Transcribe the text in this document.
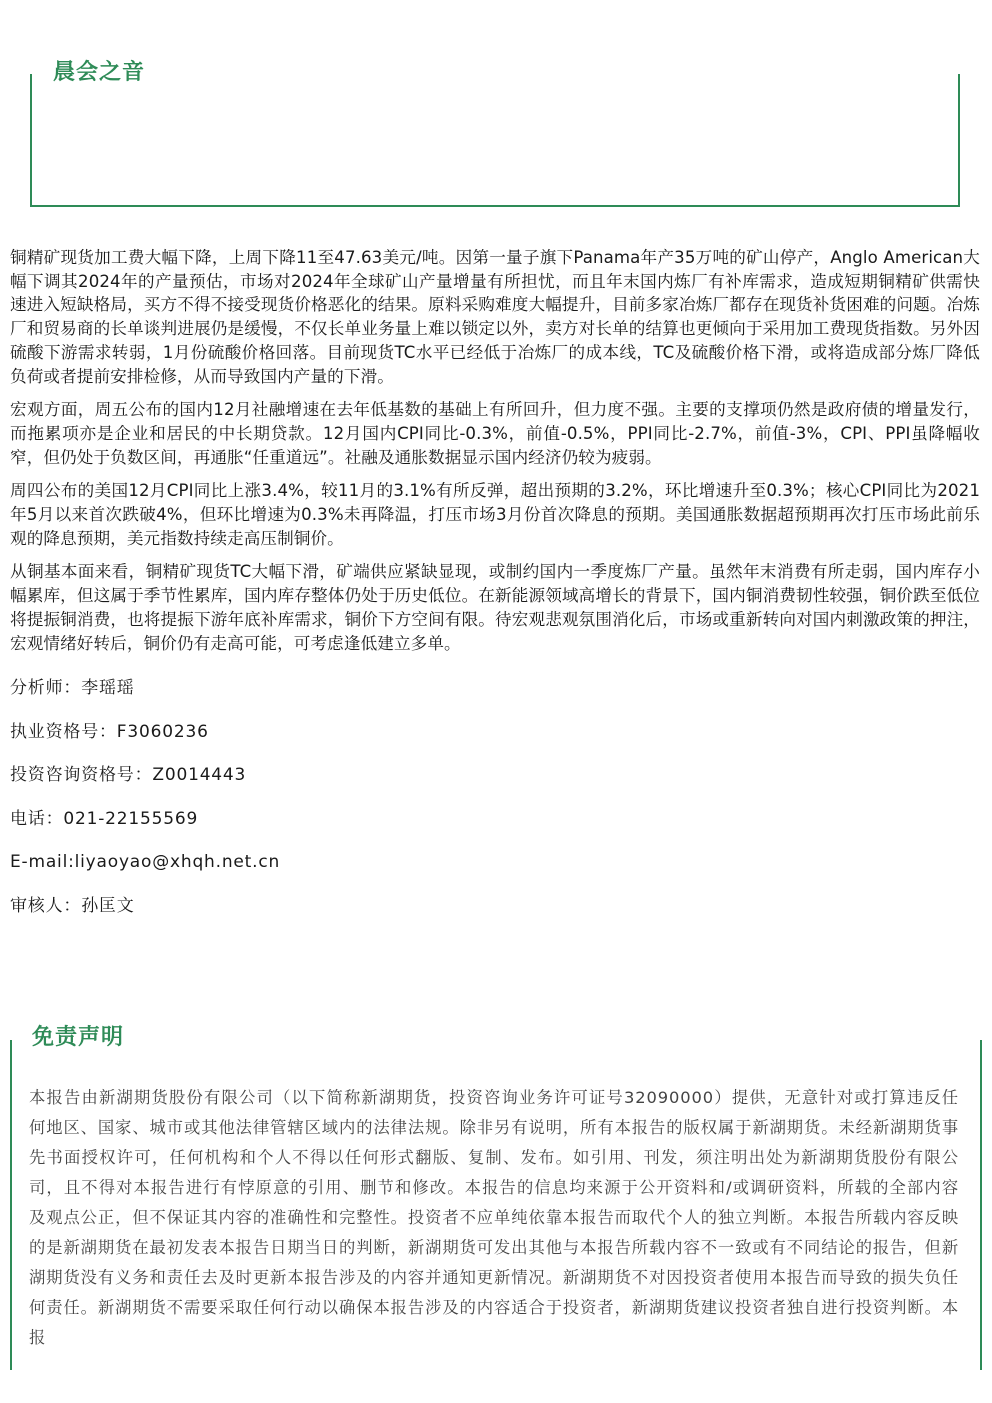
晨会之音

铜精矿现货加工费大幅下降，上周下降11至47.63美元/吨。因第一量子旗下Panama年产35万吨的矿山停产，Anglo American大幅下调其2024年的产量预估，市场对2024年全球矿山产量增量有所担忧，而且年末国内炼厂有补库需求，造成短期铜精矿供需快速进入短缺格局，买方不得不接受现货价格恶化的结果。原料采购难度大幅提升，目前多家冶炼厂都存在现货补货困难的问题。冶炼厂和贸易商的长单谈判进展仍是缓慢，不仅长单业务量上难以锁定以外，卖方对长单的结算也更倾向于采用加工费现货指数。另外因硫酸下游需求转弱，1月份硫酸价格回落。目前现货TC水平已经低于冶炼厂的成本线，TC及硫酸价格下滑，或将造成部分炼厂降低负荷或者提前安排检修，从而导致国内产量的下滑。

宏观方面，周五公布的国内12月社融增速在去年低基数的基础上有所回升，但力度不强。主要的支撑项仍然是政府债的增量发行，而拖累项亦是企业和居民的中长期贷款。12月国内CPI同比-0.3%，前值-0.5%，PPI同比-2.7%，前值-3%，CPI、PPI虽降幅收窄，但仍处于负数区间，再通胀“任重道远”。社融及通胀数据显示国内经济仍较为疲弱。

周四公布的美国12月CPI同比上涨3.4%，较11月的3.1%有所反弹，超出预期的3.2%，环比增速升至0.3%；核心CPI同比为2021年5月以来首次跌破4%，但环比增速为0.3%未再降温，打压市场3月份首次降息的预期。美国通胀数据超预期再次打压市场此前乐观的降息预期，美元指数持续走高压制铜价。

从铜基本面来看，铜精矿现货TC大幅下滑，矿端供应紧缺显现，或制约国内一季度炼厂产量。虽然年末消费有所走弱，国内库存小幅累库，但这属于季节性累库，国内库存整体仍处于历史低位。在新能源领域高增长的背景下，国内铜消费韧性较强，铜价跌至低位将提振铜消费，也将提振下游年底补库需求，铜价下方空间有限。待宏观悲观氛围消化后，市场或重新转向对国内刺激政策的押注，宏观情绪好转后，铜价仍有走高可能，可考虑逢低建立多单。

分析师：李瑶瑶
执业资格号：F3060236
投资咨询资格号：Z0014443
电话：021-22155569
E-mail:liyaoyao@xhqh.net.cn
审核人：孙匡文
免责声明
本报告由新湖期货股份有限公司（以下简称新湖期货，投资咨询业务许可证号32090000）提供，无意针对或打算违反任何地区、国家、城市或其他法律管辖区域内的法律法规。除非另有说明，所有本报告的版权属于新湖期货。未经新湖期货事先书面授权许可，任何机构和个人不得以任何形式翻版、复制、发布。如引用、刊发，须注明出处为新湖期货股份有限公司，且不得对本报告进行有悖原意的引用、删节和修改。本报告的信息均来源于公开资料和/或调研资料，所载的全部内容及观点公正，但不保证其内容的准确性和完整性。投资者不应单纯依靠本报告而取代个人的独立判断。本报告所载内容反映的是新湖期货在最初发表本报告日期当日的判断，新湖期货可发出其他与本报告所载内容不一致或有不同结论的报告，但新湖期货没有义务和责任去及时更新本报告涉及的内容并通知更新情况。新湖期货不对因投资者使用本报告而导致的损失负任何责任。新湖期货不需要采取任何行动以确保本报告涉及的内容适合于投资者，新湖期货建议投资者独自进行投资判断。本报
